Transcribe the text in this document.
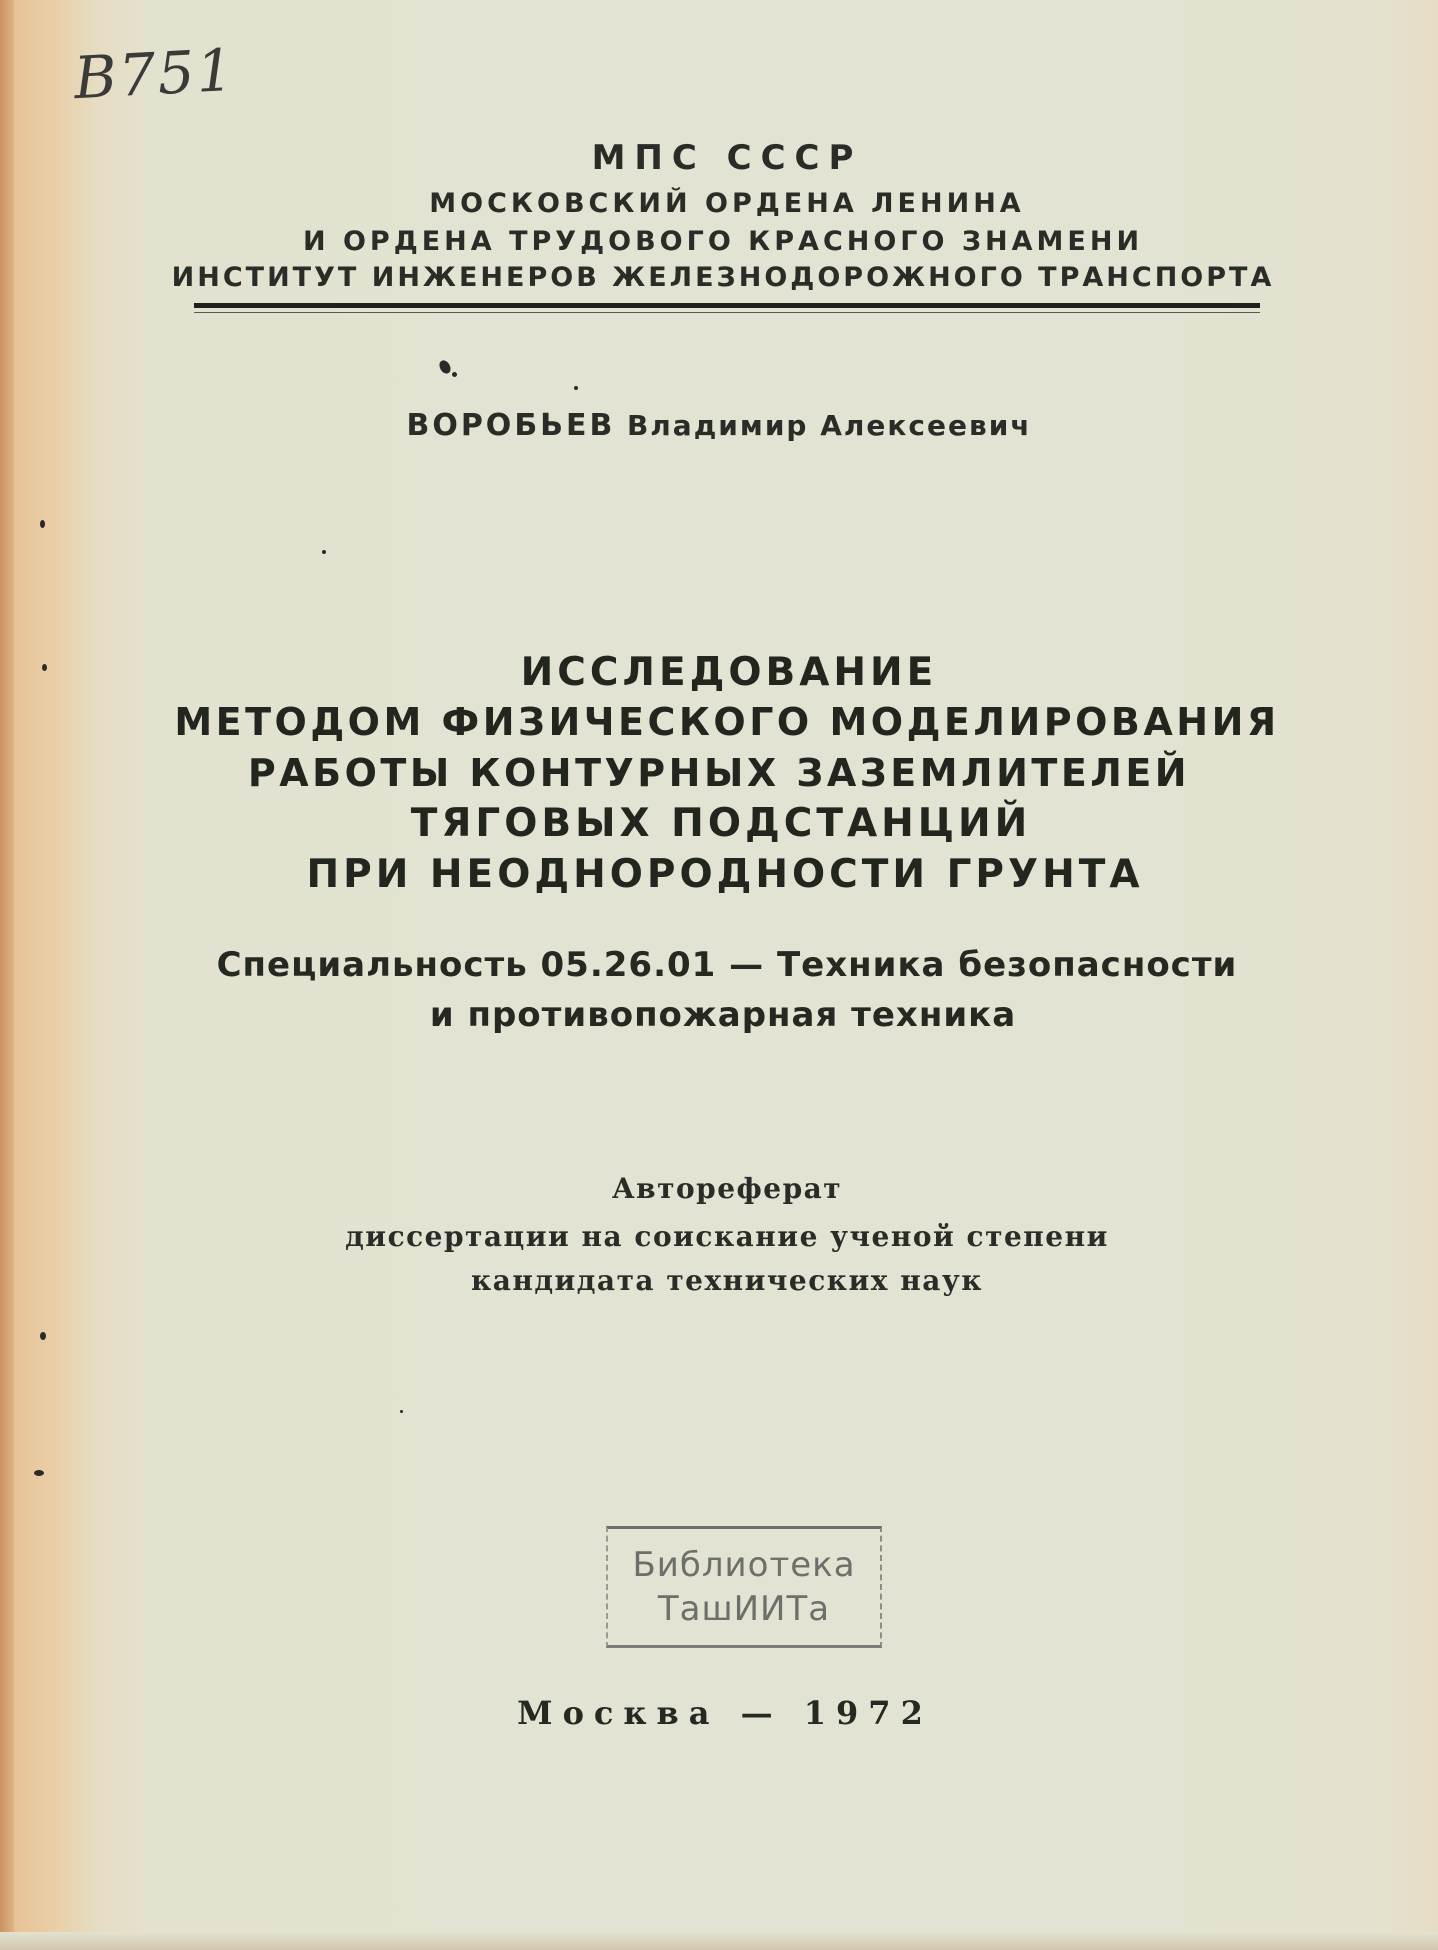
B751
МПС СССР
МОСКОВСКИЙ ОРДЕНА ЛЕНИНА
И ОРДЕНА ТРУДОВОГО КРАСНОГО ЗНАМЕНИ
ИНСТИТУТ ИНЖЕНЕРОВ ЖЕЛЕЗНОДОРОЖНОГО ТРАНСПОРТА
ВОРОБЬЕВ Владимир Алексеевич
ИССЛЕДОВАНИЕ
МЕТОДОМ ФИЗИЧЕСКОГО МОДЕЛИРОВАНИЯ
РАБОТЫ КОНТУРНЫХ ЗАЗЕМЛИТЕЛЕЙ
ТЯГОВЫХ ПОДСТАНЦИЙ
ПРИ НЕОДНОРОДНОСТИ ГРУНТА
Специальность 05.26.01 — Техника безопасности
и противопожарная техника
Автореферат
диссертации на соискание ученой степени
кандидата технических наук
Библиотека
ТашИИТа
Москва — 1972
